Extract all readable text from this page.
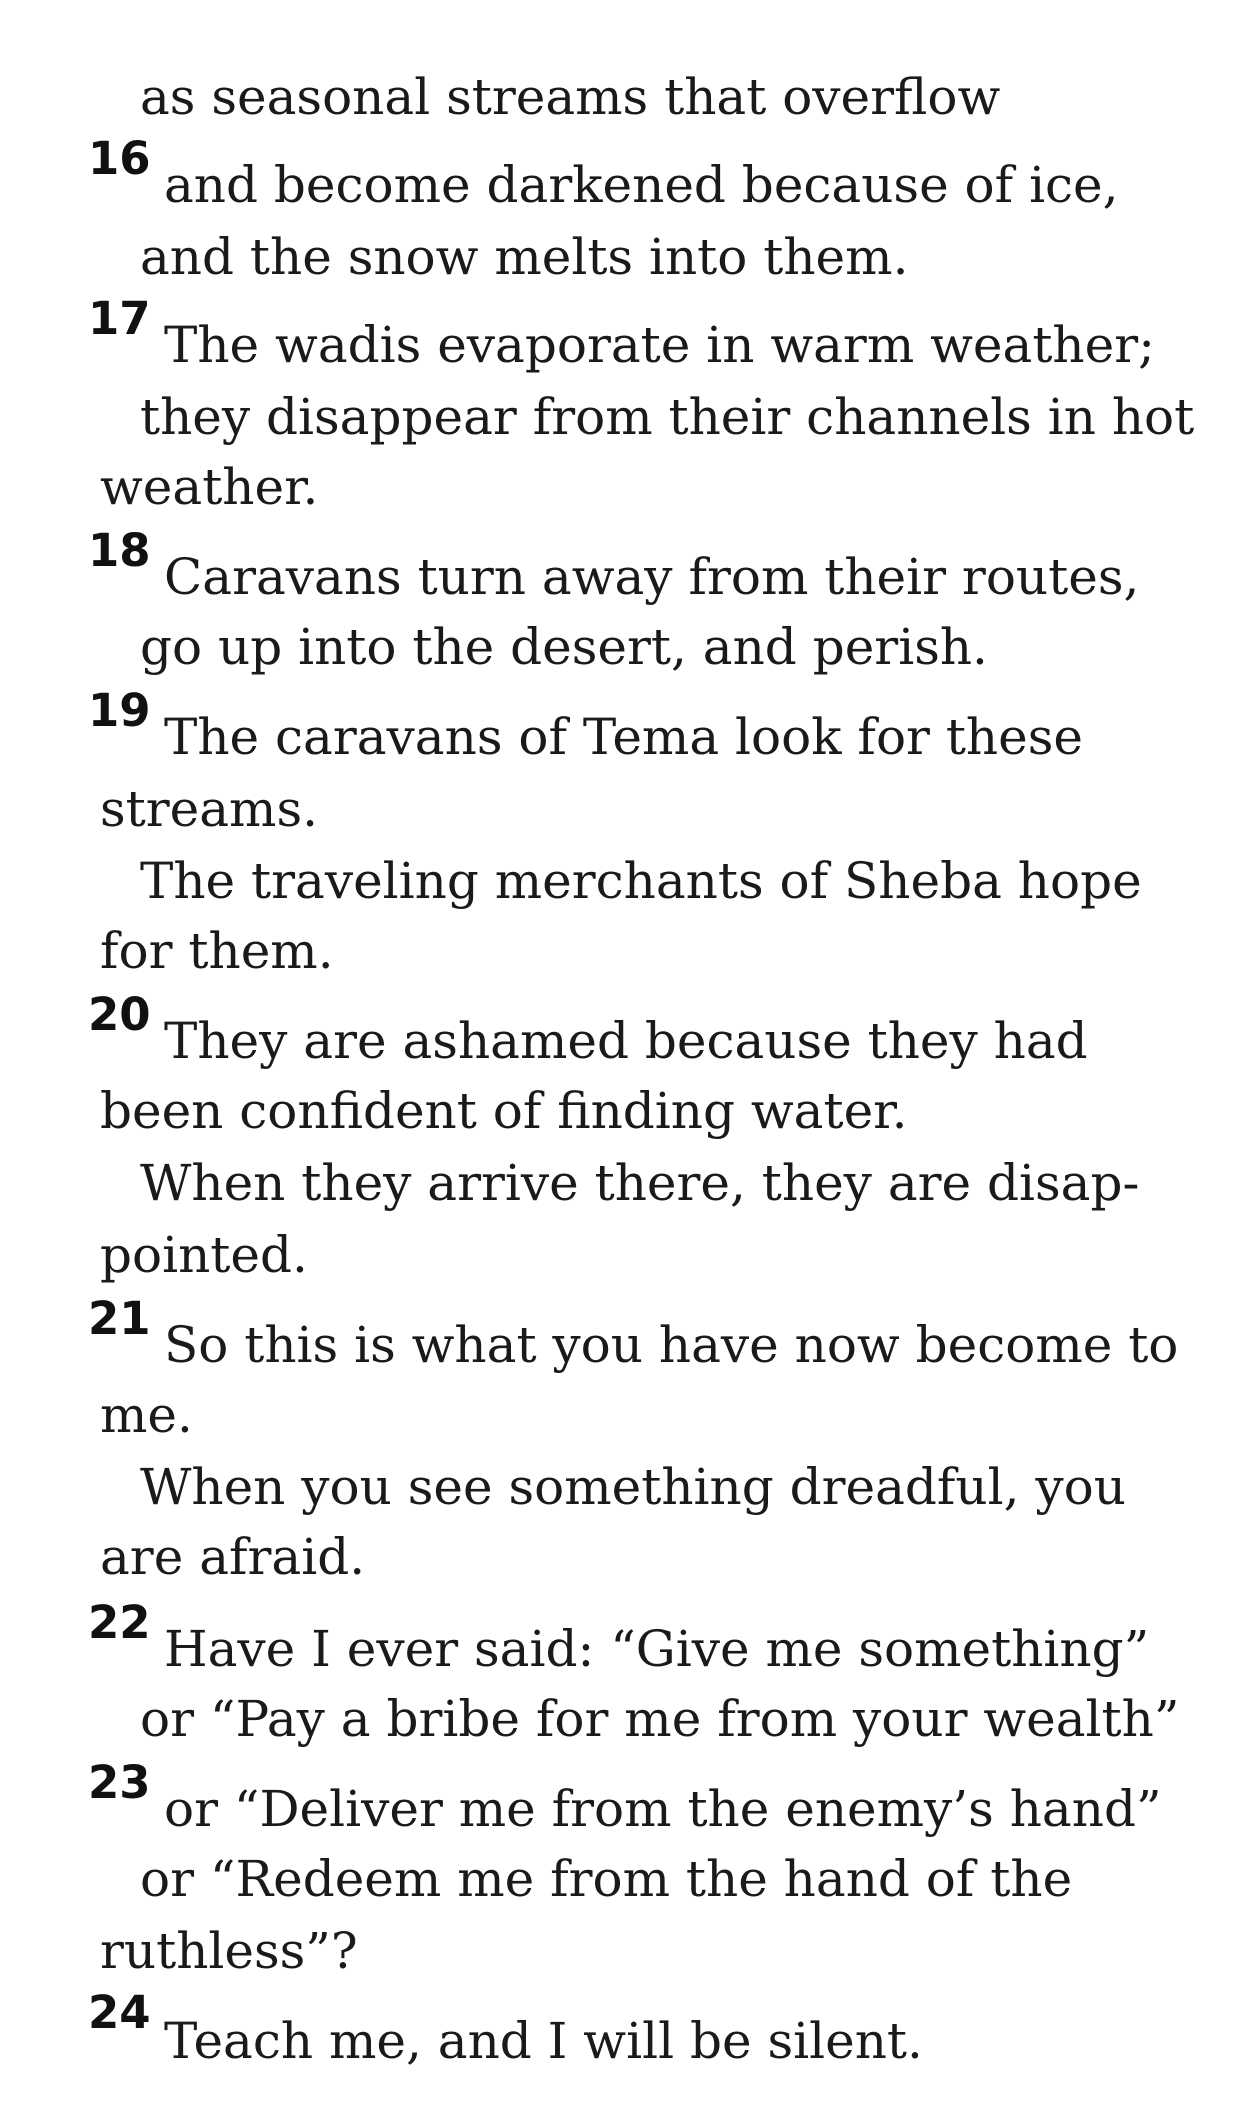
as seasonal streams that overflow
16 and become darkened because of ice,
and the snow melts into them.
17 The wadis evaporate in warm weather;
they disappear from their channels in hot
weather.
18 Caravans turn away from their routes,
go up into the desert, and perish.
19 The caravans of Tema look for these
streams.
The traveling merchants of Sheba hope
for them.
20 They are ashamed because they had
been confident of finding water.
When they arrive there, they are disap-
pointed.
21 So this is what you have now become to
me.
When you see something dreadful, you
are afraid.
22 Have I ever said: “Give me something”
or “Pay a bribe for me from your wealth”
23 or “Deliver me from the enemy’s hand”
or “Redeem me from the hand of the
ruthless”?
24 Teach me, and I will be silent.
